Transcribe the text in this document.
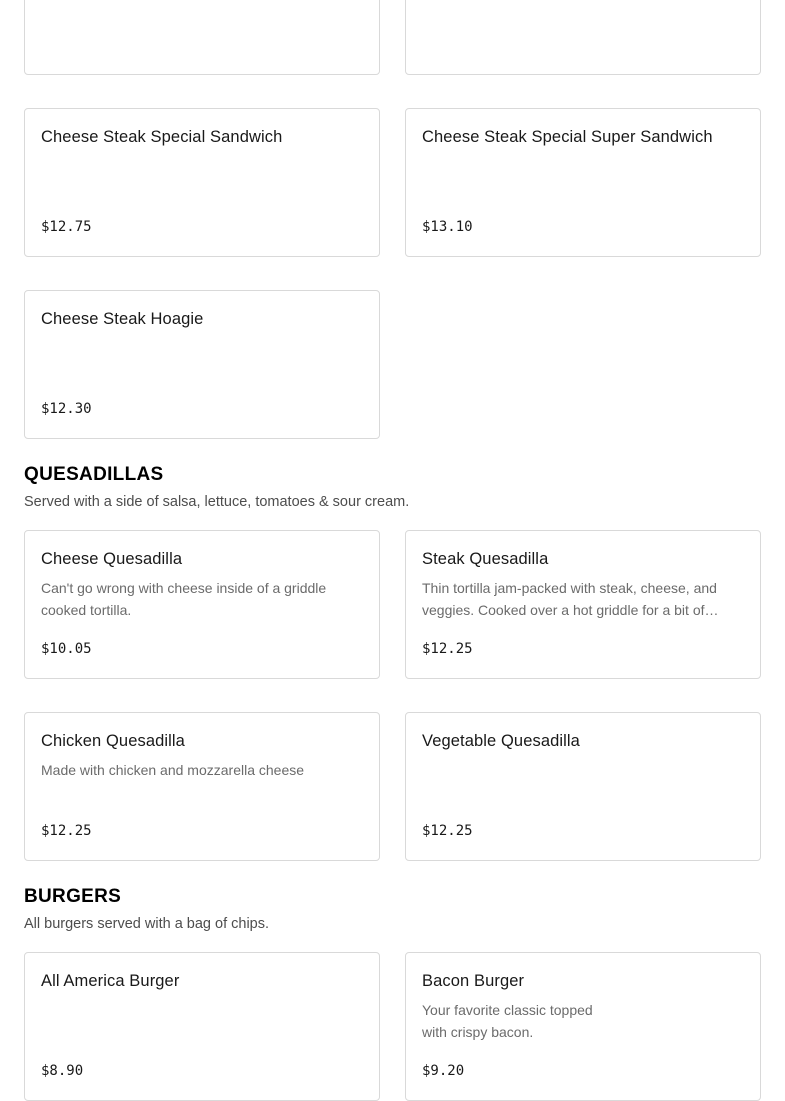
Cheese Steak Special Sandwich
$12.75
Cheese Steak Special Super Sandwich
$13.10
Cheese Steak Hoagie
$12.30
QUESADILLAS
Served with a side of salsa, lettuce, tomatoes & sour cream.
Cheese Quesadilla
Can't go wrong with cheese inside of a griddle cooked tortilla.
$10.05
Steak Quesadilla
Thin tortilla jam-packed with steak, cheese, and veggies. Cooked over a hot griddle for a bit of…
$12.25
Chicken Quesadilla
Made with chicken and mozzarella cheese
$12.25
Vegetable Quesadilla
$12.25
BURGERS
All burgers served with a bag of chips.
All America Burger
$8.90
Bacon Burger
Your favorite classic topped with crispy bacon.
$9.20
